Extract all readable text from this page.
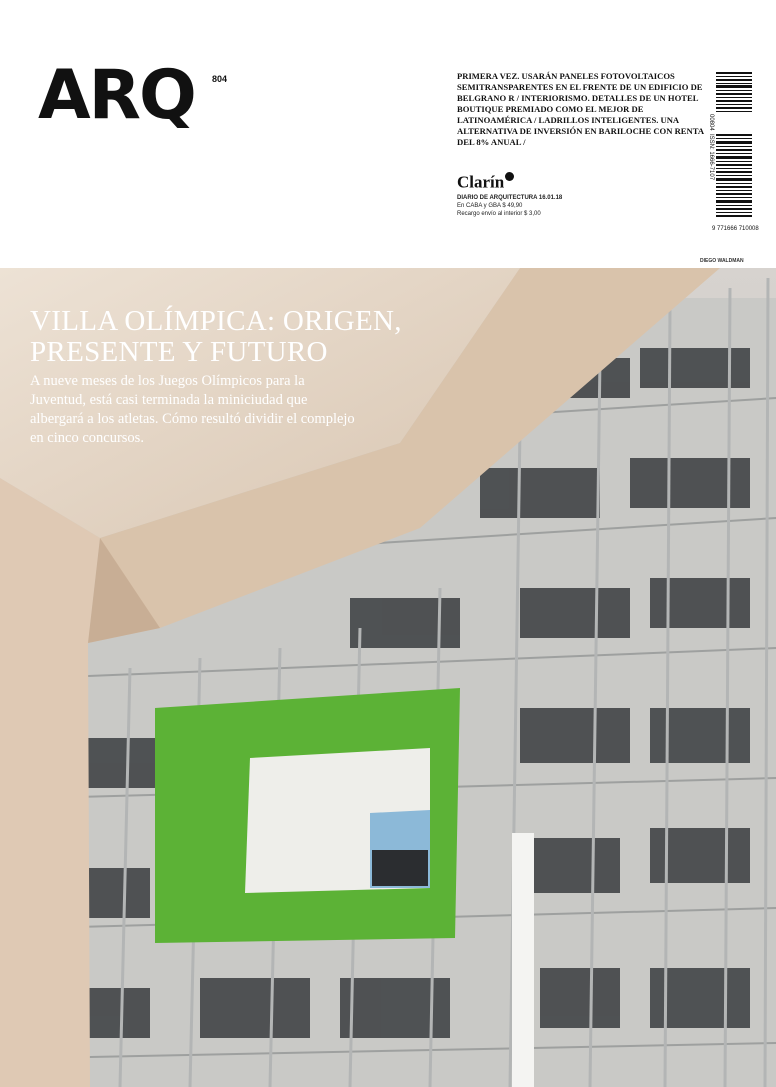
ARQ 804	PRIMERA VEZ. USARÁN PANELES FOTOVOLTAICOS SEMITRANSPARENTES EN EL FRENTE DE UN EDIFICIO DE BELGRANO R / INTERIORISMO. DETALLES DE UN HOTEL BOUTIQUE PREMIADO COMO EL MEJOR DE LATINOAMÉRICA / LADRILLOS INTELIGENTES. UNA ALTERNATIVA DE INVERSIÓN EN BARILOCHE CON RENTA DEL 8% ANUAL /
Clarín
DIARIO DE ARQUITECTURA 16.01.18
En CABA y GBA $ 49,90
Recargo envío al interior $ 3,00
00804
ISSN: 1666-7107
9 771666 710008
DIEGO WALDMAN
VILLA OLÍMPICA: ORIGEN, PRESENTE Y FUTURO
A nueve meses de los Juegos Olímpicos para la Juventud, está casi terminada la miniciudad que albergará a los atletas. Cómo resultó dividir el complejo en cinco concursos.
